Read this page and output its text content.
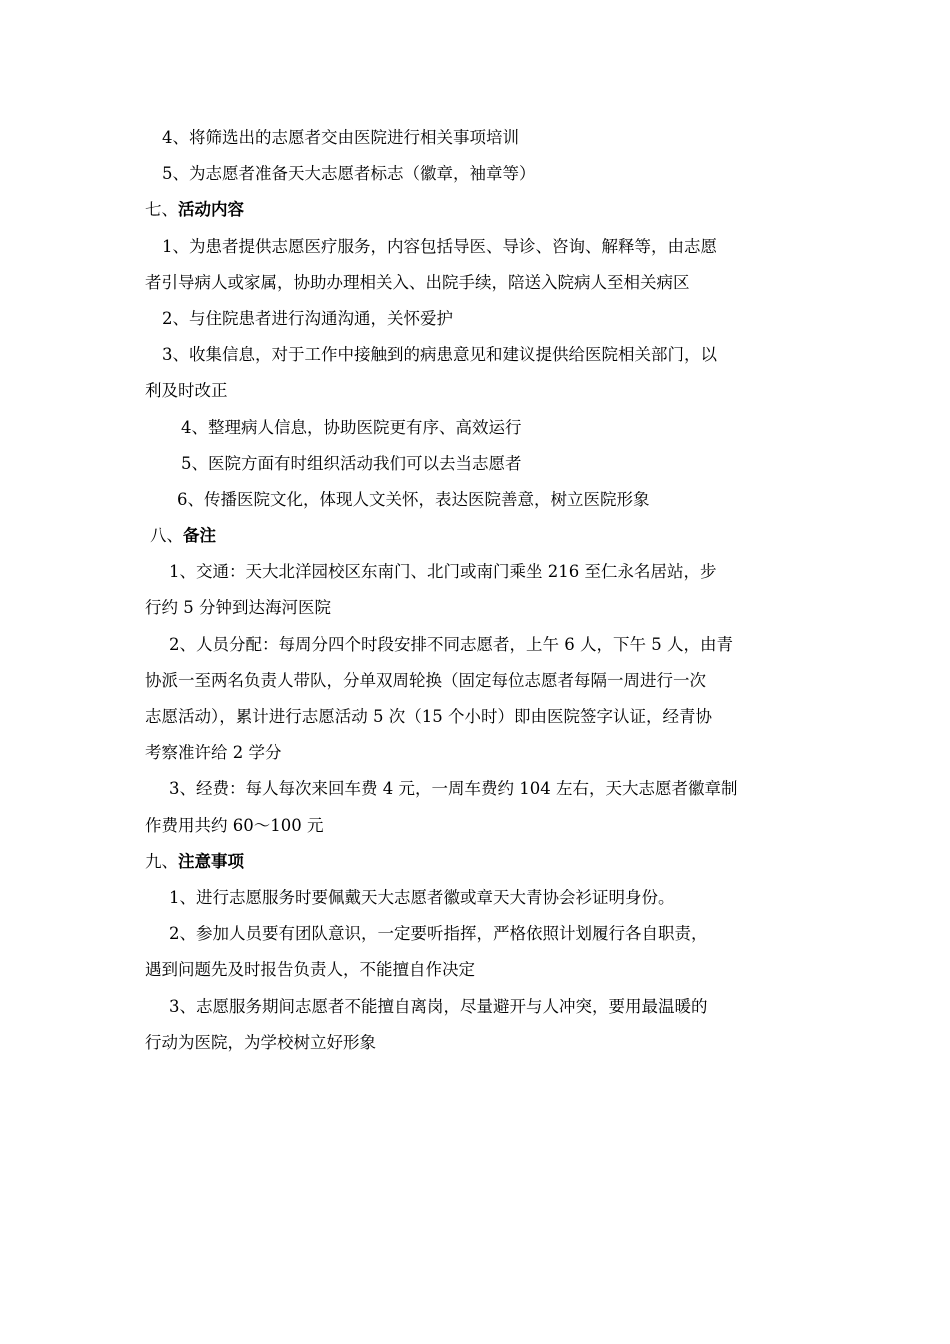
4、将筛选出的志愿者交由医院进行相关事项培训
5、为志愿者准备天大志愿者标志（徽章，袖章等）
七、活动内容
1、为患者提供志愿医疗服务，内容包括导医、导诊、咨询、解释等，由志愿
者引导病人或家属，协助办理相关入、出院手续，陪送入院病人至相关病区
2、与住院患者进行沟通沟通，关怀爱护
3、收集信息，对于工作中接触到的病患意见和建议提供给医院相关部门，以
利及时改正
4、整理病人信息，协助医院更有序、高效运行
5、医院方面有时组织活动我们可以去当志愿者
6、传播医院文化，体现人文关怀，表达医院善意，树立医院形象
八、备注
1、交通：天大北洋园校区东南门、北门或南门乘坐 216 至仁永名居站，步
行约 5 分钟到达海河医院
2、人员分配：每周分四个时段安排不同志愿者，上午 6 人，下午 5 人，由青
协派一至两名负责人带队，分单双周轮换（固定每位志愿者每隔一周进行一次
志愿活动），累计进行志愿活动 5 次（15 个小时）即由医院签字认证，经青协
考察准许给 2 学分
3、经费：每人每次来回车费 4 元，一周车费约 104 左右，天大志愿者徽章制
作费用共约 60～100 元
九、注意事项
1、进行志愿服务时要佩戴天大志愿者徽或章天大青协会衫证明身份。
2、参加人员要有团队意识，一定要听指挥，严格依照计划履行各自职责，
遇到问题先及时报告负责人，不能擅自作决定
3、志愿服务期间志愿者不能擅自离岗，尽量避开与人冲突，要用最温暖的
行动为医院，为学校树立好形象
